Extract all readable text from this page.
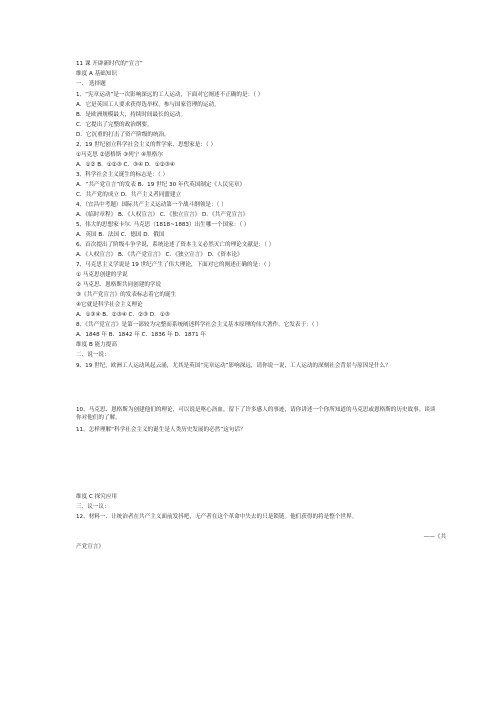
11 课 开辟新时代的“宣言”
维度 A 基础知识
一、 选择题
1、“宪章运动”是一次影响深远的工人运动，下面对它阐述不正确的是：（ ）
A．它是英国工人要求获得选举权，参与国家管理的运动。
B．是欧洲规模最大，持续时间最长的运动。
C．它提出了完整的政治纲要。
D．它沉重的打击了资产阶级的统治。
2、19 世纪创立科学社会主义的哲学家、思想家是：（ ）
①马克思 ②恩格斯 ③列宁 ④黑格尔
A．①② B．①②③ C．③④ D．①②③④
3、科学社会主义诞生的标志是：（ ）
A．“共产党宣言”的发表 B．19 世纪 30 年代英国制定《人民宪章》
C．共产党的成立 D．共产主义者同盟建立
4、（宜昌中考题）国际共产主义运动第一个战斗纲领是：（ ）
A．《临时章程》 B．《人权宣言》 C．《独立宣言》 D．《共产党宣言》
5、伟大的思想家卡尔. 马克思（1818~1883）出生哪一个国家：（ ）
A．英国 B．法国 C．德国 D．俄国
6、首次提出了阶级斗争学说，系统论述了资本主义必然灭亡的理论文献是：（ ）
A．《人权宣言》 B．《共产党宣言》 C．《独立宣言》 D．《资本论》
7、马克思主义学说是 19 世纪产生了伟大理论，下面对它的阐述正确的是：（ ）
① 马克思创建的学说
② 马克思、恩格斯共同创建的学说
③《共产党宣言》的发表标志着它的诞生
④它就是科学社会主义理论
A．①③④ B．②③④ C．②③ D．①③
8、《共产党宣言》是第一部较为完整而系统阐述科学社会主义基本原理的伟大著作，它发表于：（ ）
A．1848 年 B．1842 年 C．1836 年 D．1871 年
维度 B 能力提高
二、说一说：
9、19 世纪，欧洲工人运动风起云涌，尤其是英国“宪章运动”影响深远，请你说一说，工人运动的深刻社会背景与原因是什么？
10、马克思、恩格斯为创建他们的理论，可以说是呕心沥血，留下了许多感人的事迹，请你讲述一个你所知道的马克思或恩格斯的历史故事。谈谈你对他们的了解。
11、怎样理解“科学社会主义的诞生是人类历史发展的必然”这句话？
维度 C 探究应用
三、议一议：
12、材料一、让统治者在共产主义面前发抖吧，无产者在这个革命中失去的只是锁链。他们获得的将是整个世界。
——《共
产党宣言》
